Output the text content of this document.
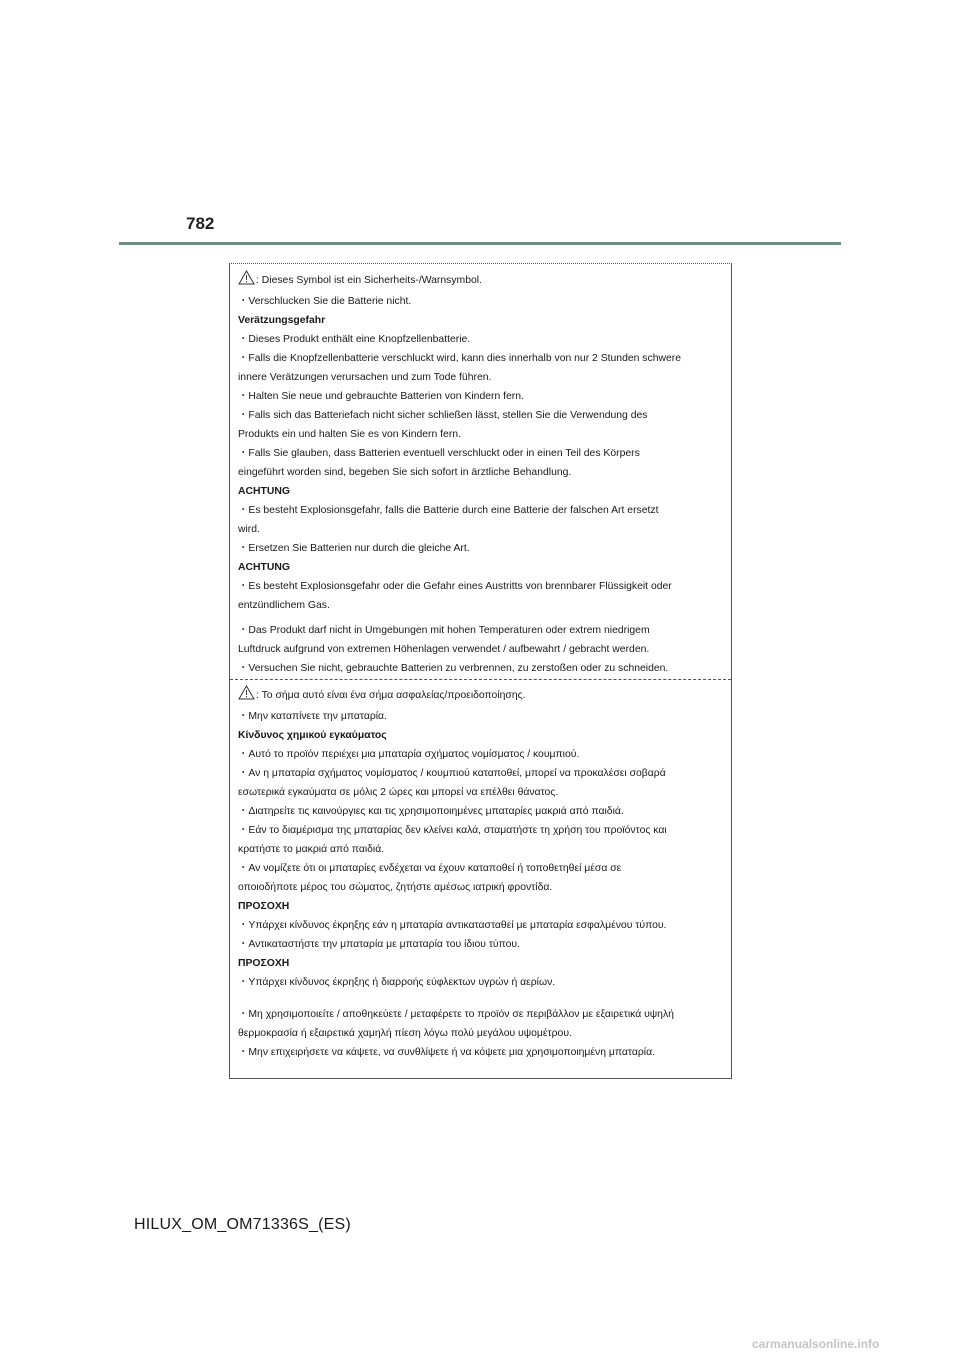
782
: Dieses Symbol ist ein Sicherheits-/Warnsymbol.
・Verschlucken Sie die Batterie nicht.
Verätzungsgefahr
・Dieses Produkt enthält eine Knopfzellenbatterie.
・Falls die Knopfzellenbatterie verschluckt wird, kann dies innerhalb von nur 2 Stunden schwere
innere Verätzungen verursachen und zum Tode führen.
・Halten Sie neue und gebrauchte Batterien von Kindern fern.
・Falls sich das Batteriefach nicht sicher schließen lässt, stellen Sie die Verwendung des
Produkts ein und halten Sie es von Kindern fern.
・Falls Sie glauben, dass Batterien eventuell verschluckt oder in einen Teil des Körpers
eingeführt worden sind, begeben Sie sich sofort in ärztliche Behandlung.
ACHTUNG
・Es besteht Explosionsgefahr, falls die Batterie durch eine Batterie der falschen Art ersetzt
wird.
・Ersetzen Sie Batterien nur durch die gleiche Art.
ACHTUNG
・Es besteht Explosionsgefahr oder die Gefahr eines Austritts von brennbarer Flüssigkeit oder
entzündlichem Gas.
・Das Produkt darf nicht in Umgebungen mit hohen Temperaturen oder extrem niedrigem
Luftdruck aufgrund von extremen Höhenlagen verwendet / aufbewahrt / gebracht werden.
・Versuchen Sie nicht, gebrauchte Batterien zu verbrennen, zu zerstoßen oder zu schneiden.
: Το σήμα αυτό είναι ένα σήμα ασφαλείας/προειδοποίησης.
・Μην καταπίνετε την μπαταρία.
Κίνδυνος χημικού εγκαύματος
・Αυτό το προϊόν περιέχει μια μπαταρία σχήματος νομίσματος / κουμπιού.
・Αν η μπαταρία σχήματος νομίσματος / κουμπιού καταποθεί, μπορεί να προκαλέσει σοβαρά
εσωτερικά εγκαύματα σε μόλις 2 ώρες και μπορεί να επέλθει θάνατος.
・Διατηρείτε τις καινούργιες και τις χρησιμοποιημένες μπαταρίες μακριά από παιδιά.
・Εάν το διαμέρισμα της μπαταρίας δεν κλείνει καλά, σταματήστε τη χρήση του προϊόντος και
κρατήστε το μακριά από παιδιά.
・Αν νομίζετε ότι οι μπαταρίες ενδέχεται να έχουν καταποθεί ή τοποθετηθεί μέσα σε
οποιοδήποτε μέρος του σώματος, ζητήστε αμέσως ιατρική φροντίδα.
ΠΡΟΣΟΧΗ
・Υπάρχει κίνδυνος έκρηξης εάν η μπαταρία αντικατασταθεί με μπαταρία εσφαλμένου τύπου.
・Αντικαταστήστε την μπαταρία με μπαταρία του ίδιου τύπου.
ΠΡΟΣΟΧΗ
・Υπάρχει κίνδυνος έκρηξης ή διαρροής εύφλεκτων υγρών ή αερίων.
・Μη χρησιμοποιείτε / αποθηκεύετε / μεταφέρετε το προϊόν σε περιβάλλον με εξαιρετικά υψηλή
θερμοκρασία ή εξαιρετικά χαμηλή πίεση λόγω πολύ μεγάλου υψομέτρου.
・Μην επιχειρήσετε να κάψετε, να συνθλίψετε ή να κόψετε μια χρησιμοποιημένη μπαταρία.
HILUX_OM_OM71336S_(ES)
carmanualsonline.info
